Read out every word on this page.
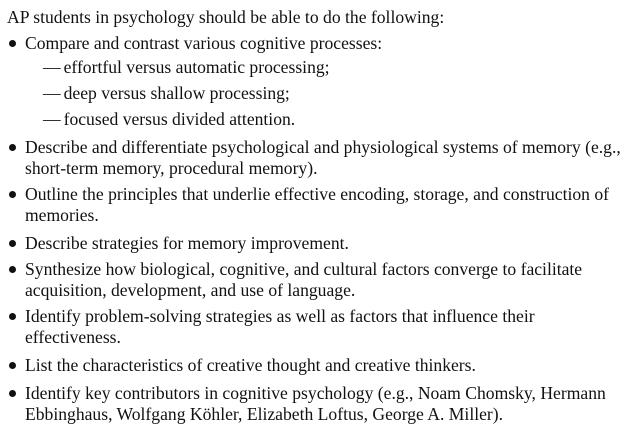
AP students in psychology should be able to do the following:
Compare and contrast various cognitive processes:
— effortful versus automatic processing;
— deep versus shallow processing;
— focused versus divided attention.
Describe and differentiate psychological and physiological systems of memory (e.g., short-term memory, procedural memory).
Outline the principles that underlie effective encoding, storage, and construction of memories.
Describe strategies for memory improvement.
Synthesize how biological, cognitive, and cultural factors converge to facilitate acquisition, development, and use of language.
Identify problem-solving strategies as well as factors that influence their effectiveness.
List the characteristics of creative thought and creative thinkers.
Identify key contributors in cognitive psychology (e.g., Noam Chomsky, Hermann Ebbinghaus, Wolfgang Köhler, Elizabeth Loftus, George A. Miller).
